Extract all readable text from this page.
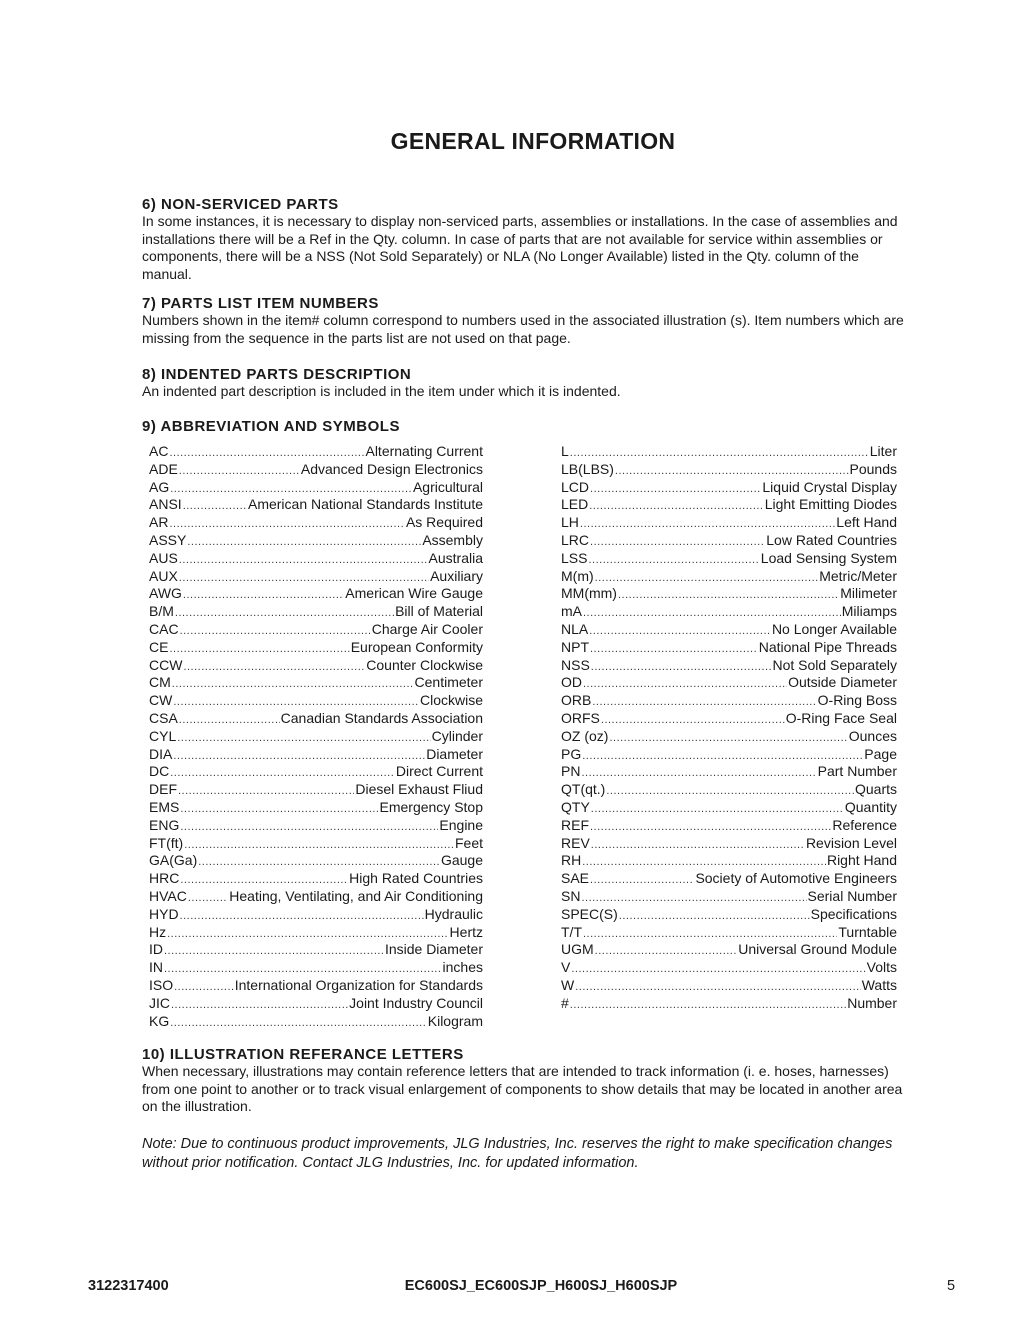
GENERAL INFORMATION
6) NON-SERVICED PARTS
In some instances, it is necessary to display non-serviced parts, assemblies or installations. In the case of assemblies and installations there will be a Ref in the Qty. column. In case of parts that are not available for service within assemblies or components, there will be a NSS (Not Sold Separately) or NLA (No Longer Available) listed in the Qty. column of the manual.
7) PARTS LIST ITEM NUMBERS
Numbers shown in the item# column correspond to numbers used in the associated illustration (s). Item numbers which are missing from the sequence in the parts list are not used on that page.
8) INDENTED PARTS DESCRIPTION
An indented part description is included in the item under which it is indented.
9) ABBREVIATION AND SYMBOLS
AC .....	Alternating Current
ADE .....	Advanced Design Electronics
AG .....	Agricultural
ANSI .....	American National Standards Institute
AR .....	As Required
ASSY .....	Assembly
AUS .....	Australia
AUX .....	Auxiliary
AWG .....	American Wire Gauge
B/M .....	Bill of Material
CAC .....	Charge Air Cooler
CE .....	European Conformity
CCW .....	Counter Clockwise
CM .....	Centimeter
CW .....	Clockwise
CSA .....	Canadian Standards Association
CYL .....	Cylinder
DIA .....	Diameter
DC .....	Direct Current
DEF .....	Diesel Exhaust Fliud
EMS .....	Emergency Stop
ENG .....	Engine
FT(ft) .....	Feet
GA(Ga) .....	Gauge
HRC .....	High Rated Countries
HVAC .....	Heating, Ventilating, and Air Conditioning
HYD .....	Hydraulic
Hz .....	Hertz
ID .....	Inside Diameter
IN .....	inches
ISO .....	International Organization for Standards
JIC .....	Joint Industry Council
KG .....	Kilogram
L .....	Liter
LB(LBS) .....	Pounds
LCD .....	Liquid Crystal Display
LED .....	Light Emitting Diodes
LH .....	Left Hand
LRC .....	Low Rated Countries
LSS .....	Load Sensing System
M(m) .....	Metric/Meter
MM(mm) .....	Milimeter
mA .....	Miliamps
NLA .....	No Longer Available
NPT .....	National Pipe Threads
NSS .....	Not Sold Separately
OD .....	Outside Diameter
ORB .....	O-Ring Boss
ORFS .....	O-Ring Face Seal
OZ (oz) .....	Ounces
PG .....	Page
PN .....	Part Number
QT(qt.) .....	Quarts
QTY .....	Quantity
REF .....	Reference
REV .....	Revision Level
RH .....	Right Hand
SAE .....	Society of Automotive Engineers
SN .....	Serial Number
SPEC(S) .....	Specifications
T/T .....	Turntable
UGM .....	Universal Ground Module
V .....	Volts
W .....	Watts
# .....	Number
10) ILLUSTRATION REFERANCE LETTERS
When necessary, illustrations may contain reference letters that are intended to track information (i. e. hoses, harnesses) from one point to another or to track visual enlargement of components to show details that may be located in another area on the illustration.
Note: Due to continuous product improvements, JLG Industries, Inc. reserves the right to make specification changes without prior notification. Contact JLG Industries, Inc. for updated information.
3122317400	EC600SJ_EC600SJP_H600SJ_H600SJP	5
